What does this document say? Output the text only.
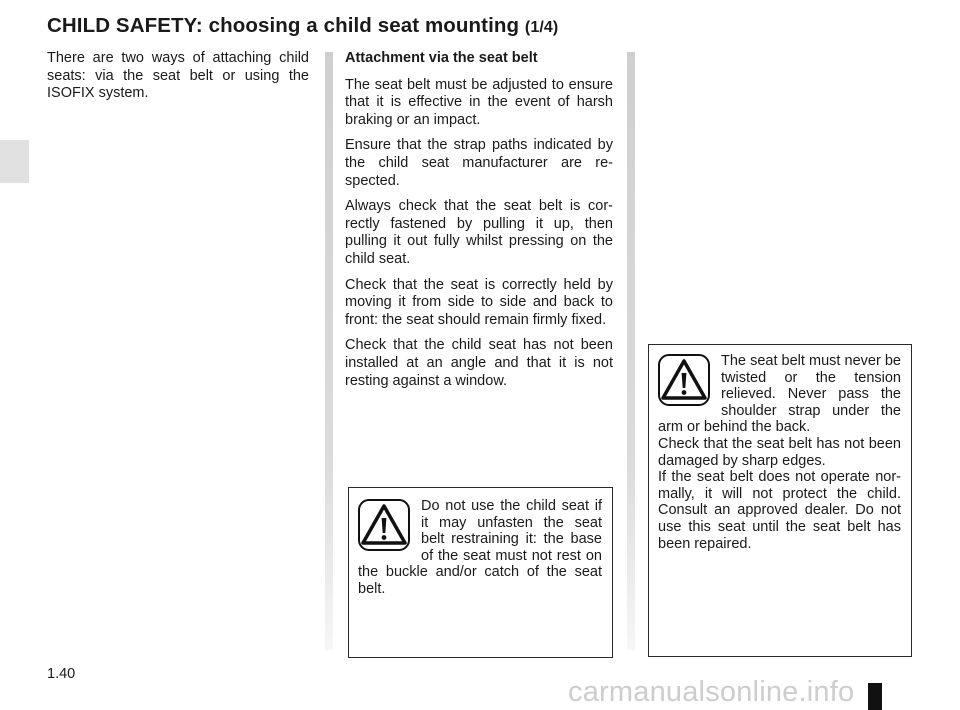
CHILD SAFETY: choosing a child seat mounting (1/4)

There are two ways of attaching child seats: via the seat belt or using the ISOFIX system.

Attachment via the seat belt

The seat belt must be adjusted to ensure that it is effective in the event of harsh braking or an impact.

Ensure that the strap paths indicated by the child seat manufacturer are re-spected.

Always check that the seat belt is cor-rectly fastened by pulling it up, then pulling it out fully whilst pressing on the child seat.

Check that the seat is correctly held by moving it from side to side and back to front: the seat should remain firmly fixed.

Check that the child seat has not been installed at an angle and that it is not resting against a window.

Do not use the child seat if it may unfasten the seat belt restraining it: the base of the seat must not rest on the buckle and/or catch of the seat belt.

The seat belt must never be twisted or the tension relieved. Never pass the shoulder strap under the arm or behind the back.

Check that the seat belt has not been damaged by sharp edges.

If the seat belt does not operate nor-mally, it will not protect the child. Consult an approved dealer. Do not use this seat until the seat belt has been repaired.

1.40

carmanualsonline.info
